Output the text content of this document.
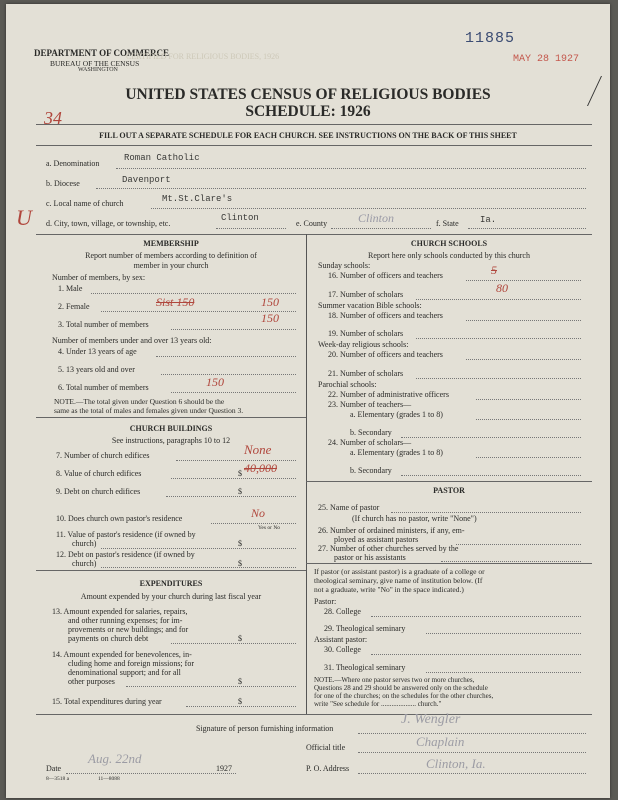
DEPARTMENT OF COMMERCE
BUREAU OF THE CENSUS
WASHINGTON
11885
MAY 28 1927
CERTIFIED FOR RELIGIOUS BODIES, 1926
UNITED STATES CENSUS OF RELIGIOUS BODIES
SCHEDULE: 1926
34
FILL OUT A SEPARATE SCHEDULE FOR EACH CHURCH. SEE INSTRUCTIONS ON THE BACK OF THIS SHEET
a. Denomination
Roman Catholic
b. Diocese	Davenport
c. Local name of church	Mt.St.Clare's
d. City, town, village, or township, etc.
Clinton
e. County	Clinton	f. State Ia.
U
MEMBERSHIP
Report number of members according to definition of
member in your church
Number of members, by sex:
1. Male
2. Female	Sist 150	150
3. Total number of members	150
Number of members under and over 13 years old:
4. Under 13 years of age
5. 13 years old and over
6. Total number of members	150
NOTE.—The total given under Question 6 should be the
same as the total of males and females given under Question 3.
CHURCH BUILDINGS
See instructions, paragraphs 10 to 12
7. Number of church edifices	None
8. Value of church edifices	$ 40,000
9. Debt on church edifices	$
10. Does church own pastor's residence	No
Yes or No
11. Value of pastor's residence (if owned by
church)	$
12. Debt on pastor's residence (if owned by
church)	$
EXPENDITURES
Amount expended by your church during last fiscal year
13. Amount expended for salaries, repairs,
and other running expenses; for im-
provements or new buildings; and for
payments on church debt	$
14. Amount expended for benevolences, in-
cluding home and foreign missions; for
denominational support; and for all
other purposes	$
15. Total expenditures during year	$
CHURCH SCHOOLS
Report here only schools conducted by this church
Sunday schools:
16. Number of officers and teachers	5
17. Number of scholars	80
Summer vacation Bible schools:
18. Number of officers and teachers
19. Number of scholars
Week-day religious schools:
20. Number of officers and teachers
21. Number of scholars
Parochial schools:
22. Number of administrative officers
23. Number of teachers—
a. Elementary (grades 1 to 8)
b. Secondary
24. Number of scholars—
a. Elementary (grades 1 to 8)
b. Secondary
PASTOR
25. Name of pastor
(If church has no pastor, write "None")
26. Number of ordained ministers, if any, em-
ployed as assistant pastors
27. Number of other churches served by the
pastor or his assistants
If pastor (or assistant pastor) is a graduate of a college or
theological seminary, give name of institution below. (If
not a graduate, write "No" in the space indicated.)
Pastor:
28. College
29. Theological seminary
Assistant pastor:
30. College
31. Theological seminary
NOTE.—Where one pastor serves two or more churches,
Questions 28 and 29 should be answered only on the schedule
for one of the churches; on the schedules for the other churches,
write "See schedule for .................... church."
Signature of person furnishing information
J. Wengler
Official title	Chaplain
Date
Aug. 22nd
1927	P. O. Address	Clinton, Ia.
8—3518 a	11—8088
